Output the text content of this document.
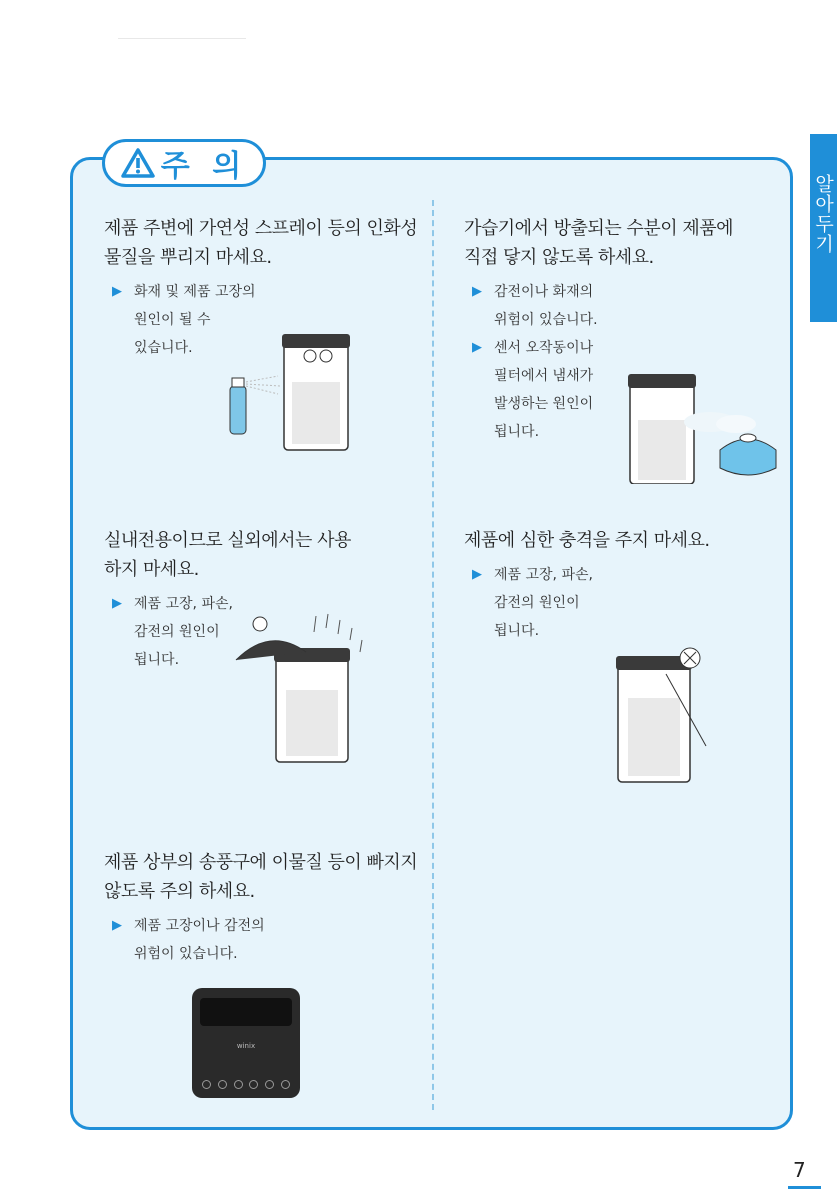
알아두기
주 의

제품 주변에 가연성 스프레이 등의 인화성
물질을 뿌리지 마세요.

▶ 화재 및 제품 고장의
원인이 될 수
있습니다.

가습기에서 방출되는 수분이 제품에
직접 닿지 않도록 하세요.

▶ 감전이나 화재의
위험이 있습니다.
▶ 센서 오작동이나
필터에서 냄새가
발생하는 원인이
됩니다.

실내전용이므로 실외에서는 사용
하지 마세요.

▶ 제품 고장, 파손,
감전의 원인이
됩니다.

제품에 심한 충격을 주지 마세요.

▶ 제품 고장, 파손,
감전의 원인이
됩니다.

제품 상부의 송풍구에 이물질 등이 빠지지
않도록 주의 하세요.

▶ 제품 고장이나 감전의
위험이 있습니다.
winix
7
